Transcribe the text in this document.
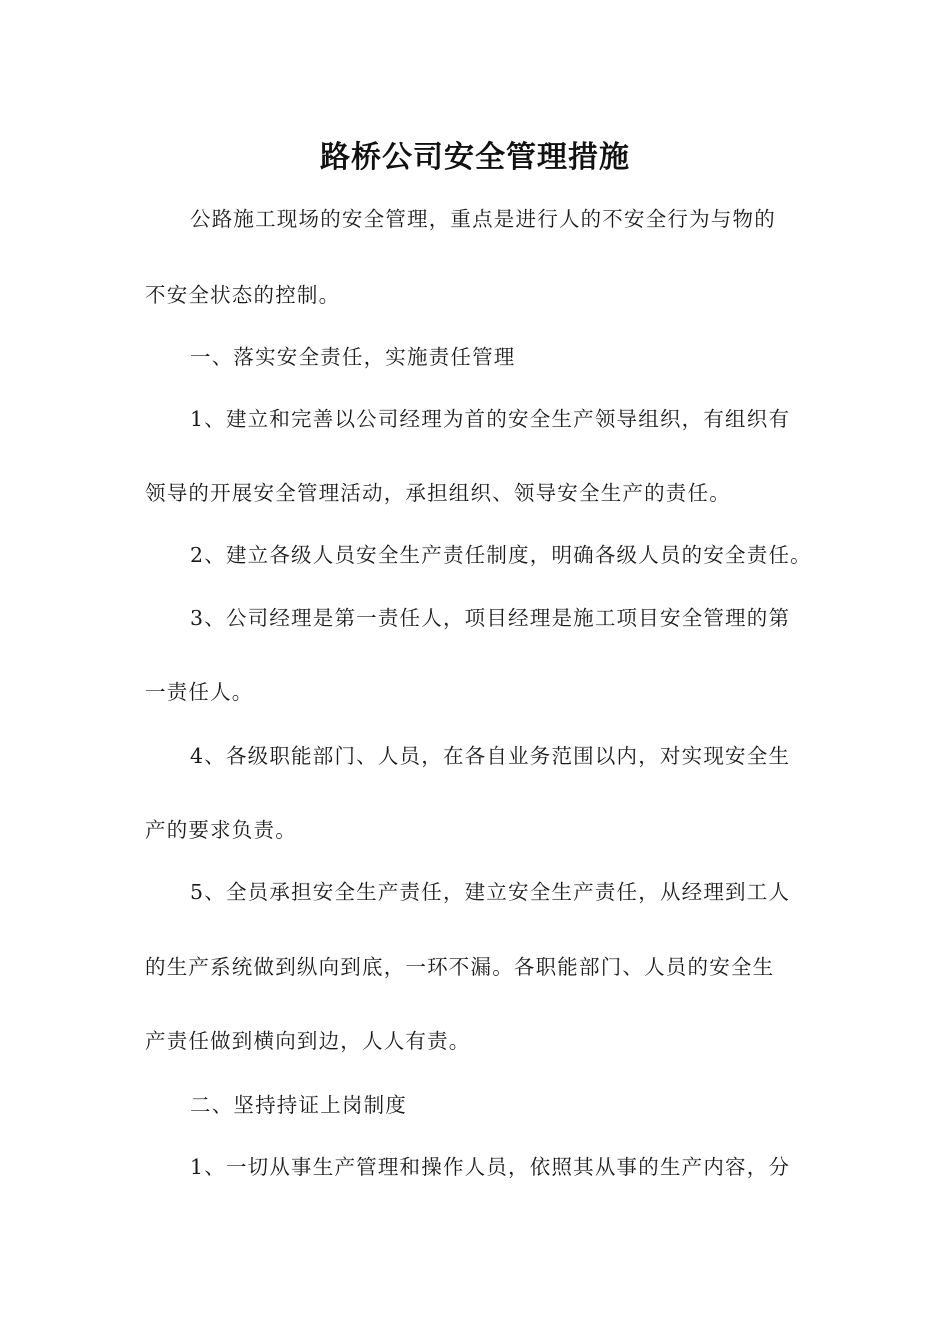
路桥公司安全管理措施
公路施工现场的安全管理，重点是进行人的不安全行为与物的
不安全状态的控制。
一、落实安全责任，实施责任管理
1、建立和完善以公司经理为首的安全生产领导组织，有组织有
领导的开展安全管理活动，承担组织、领导安全生产的责任。
2、建立各级人员安全生产责任制度，明确各级人员的安全责任。
3、公司经理是第一责任人，项目经理是施工项目安全管理的第
一责任人。
4、各级职能部门、人员，在各自业务范围以内，对实现安全生
产的要求负责。
5、全员承担安全生产责任，建立安全生产责任，从经理到工人
的生产系统做到纵向到底，一环不漏。各职能部门、人员的安全生
产责任做到横向到边，人人有责。
二、坚持持证上岗制度
1、一切从事生产管理和操作人员，依照其从事的生产内容，分
